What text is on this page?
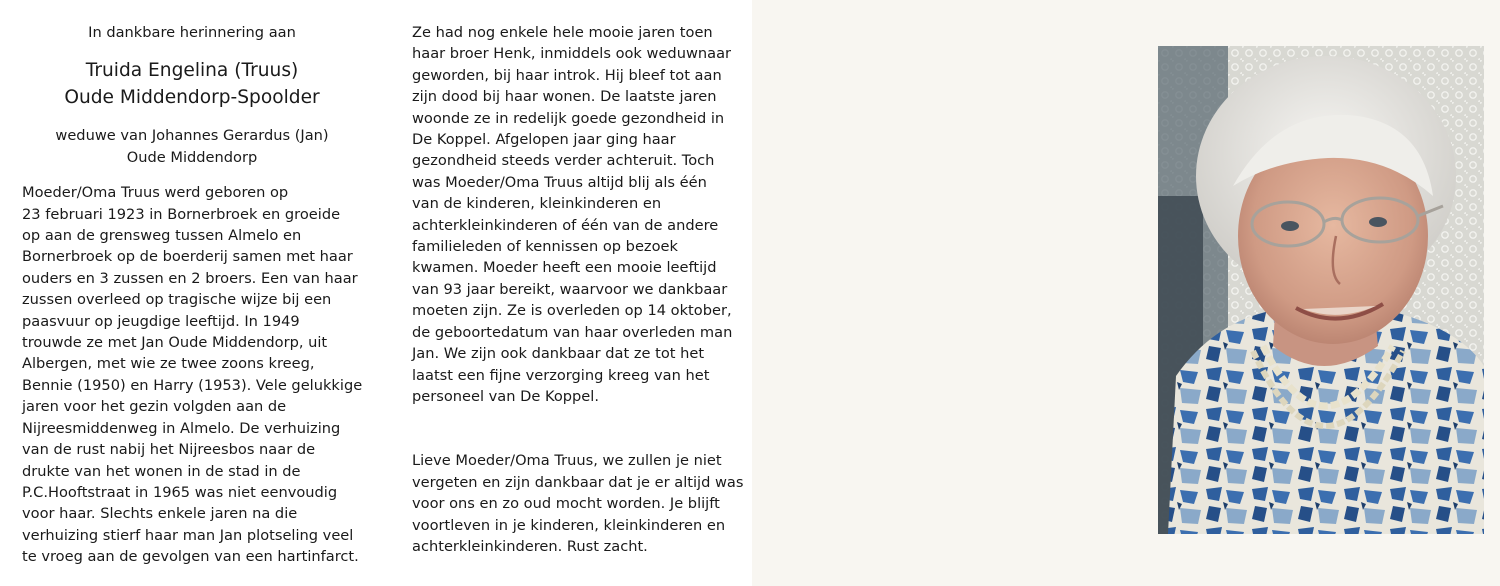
In dankbare herinnering aan
Truida Engelina (Truus)
Oude Middendorp-Spoolder
weduwe van Johannes Gerardus (Jan)
Oude Middendorp
Moeder/Oma Truus werd geboren op
23 februari 1923 in Bornerbroek en groeide
op aan de grensweg tussen Almelo en
Bornerbroek op de boerderij samen met haar
ouders en 3 zussen en 2 broers. Een van haar
zussen overleed op tragische wijze bij een
paasvuur op jeugdige leeftijd. In 1949
trouwde ze met Jan Oude Middendorp, uit
Albergen, met wie ze twee zoons kreeg,
Bennie (1950) en Harry (1953). Vele gelukkige
jaren voor het gezin volgden aan de
Nijreesmiddenweg in Almelo. De verhuizing
van de rust nabij het Nijreesbos naar de
drukte van het wonen in de stad in de
P.C.Hooftstraat in 1965 was niet eenvoudig
voor haar. Slechts enkele jaren na die
verhuizing stierf haar man Jan plotseling veel
te vroeg aan de gevolgen van een hartinfarct.
Ze had nog enkele hele mooie jaren toen
haar broer Henk, inmiddels ook weduwnaar
geworden, bij haar introk. Hij bleef tot aan
zijn dood bij haar wonen. De laatste jaren
woonde ze in redelijk goede gezondheid in
De Koppel. Afgelopen jaar ging haar
gezondheid steeds verder achteruit. Toch
was Moeder/Oma Truus altijd blij als één
van de kinderen, kleinkinderen en
achterkleinkinderen of één van de andere
familieleden of kennissen op bezoek
kwamen. Moeder heeft een mooie leeftijd
van 93 jaar bereikt, waarvoor we dankbaar
moeten zijn. Ze is overleden op 14 oktober,
de geboortedatum van haar overleden man
Jan. We zijn ook dankbaar dat ze tot het
laatst een fijne verzorging kreeg van het
personeel van De Koppel.
Lieve Moeder/Oma Truus, we zullen je niet
vergeten en zijn dankbaar dat je er altijd was
voor ons en zo oud mocht worden. Je blijft
voortleven in je kinderen, kleinkinderen en
achterkleinkinderen. Rust zacht.
